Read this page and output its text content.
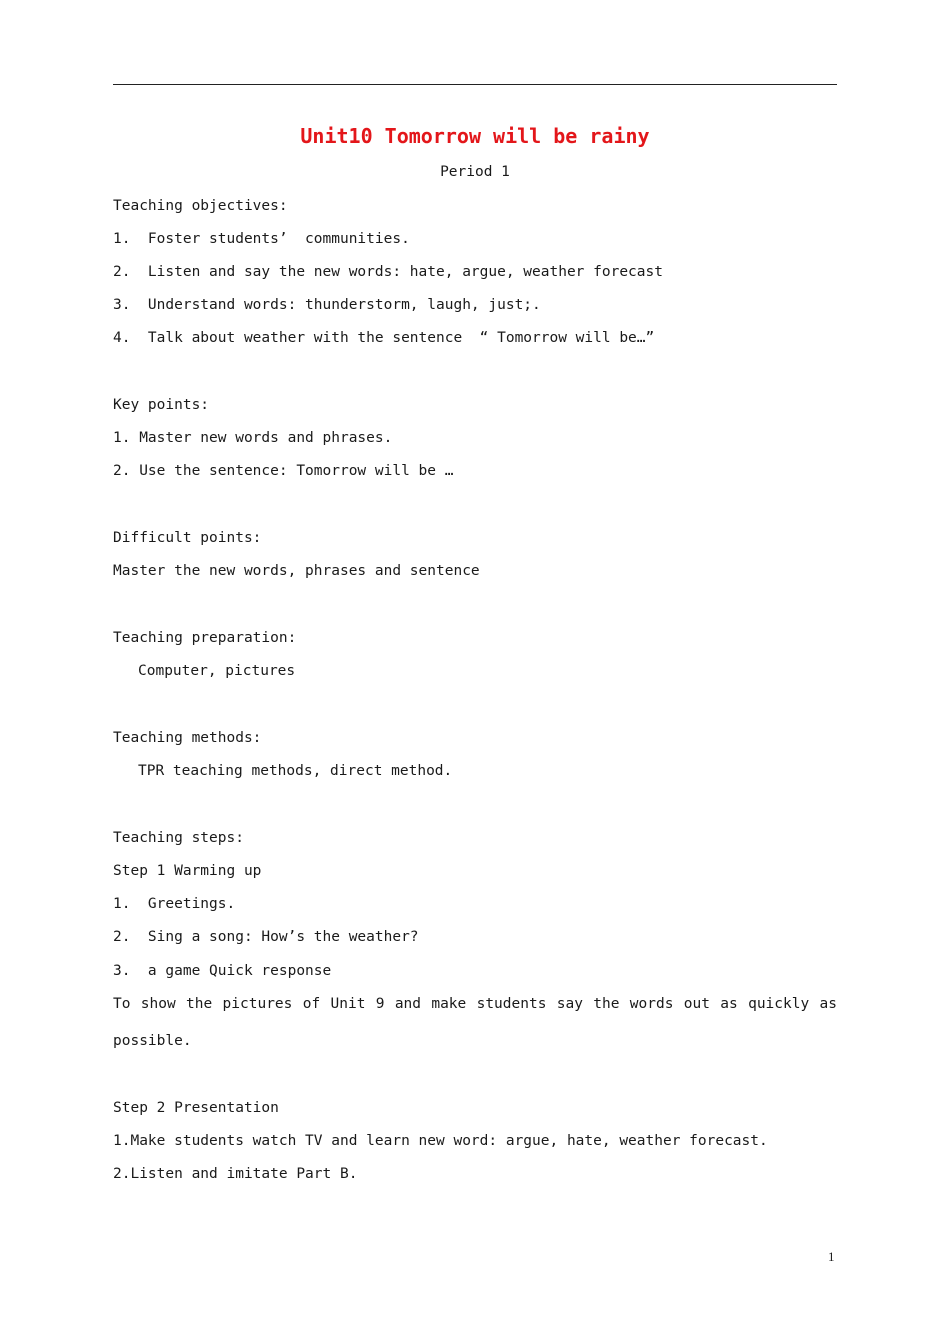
Unit10 Tomorrow will be rainy
Period 1
Teaching objectives:
1.  Foster students’  communities.
2.  Listen and say the new words: hate, argue, weather forecast
3.  Understand words: thunderstorm, laugh, just;.
4.  Talk about weather with the sentence  “ Tomorrow will be…”
Key points:
1. Master new words and phrases.
2. Use the sentence: Tomorrow will be …
Difficult points:
Master the new words, phrases and sentence
Teaching preparation:
Computer, pictures
Teaching methods:
TPR teaching methods, direct method.
Teaching steps:
Step 1 Warming up
1.  Greetings.
2.  Sing a song: How’s the weather?
3.  a game Quick response
To show the pictures of Unit 9 and make students say the words out as quickly as
possible.
Step 2 Presentation
1.Make students watch TV and learn new word: argue, hate, weather forecast.
2.Listen and imitate Part B.
1
